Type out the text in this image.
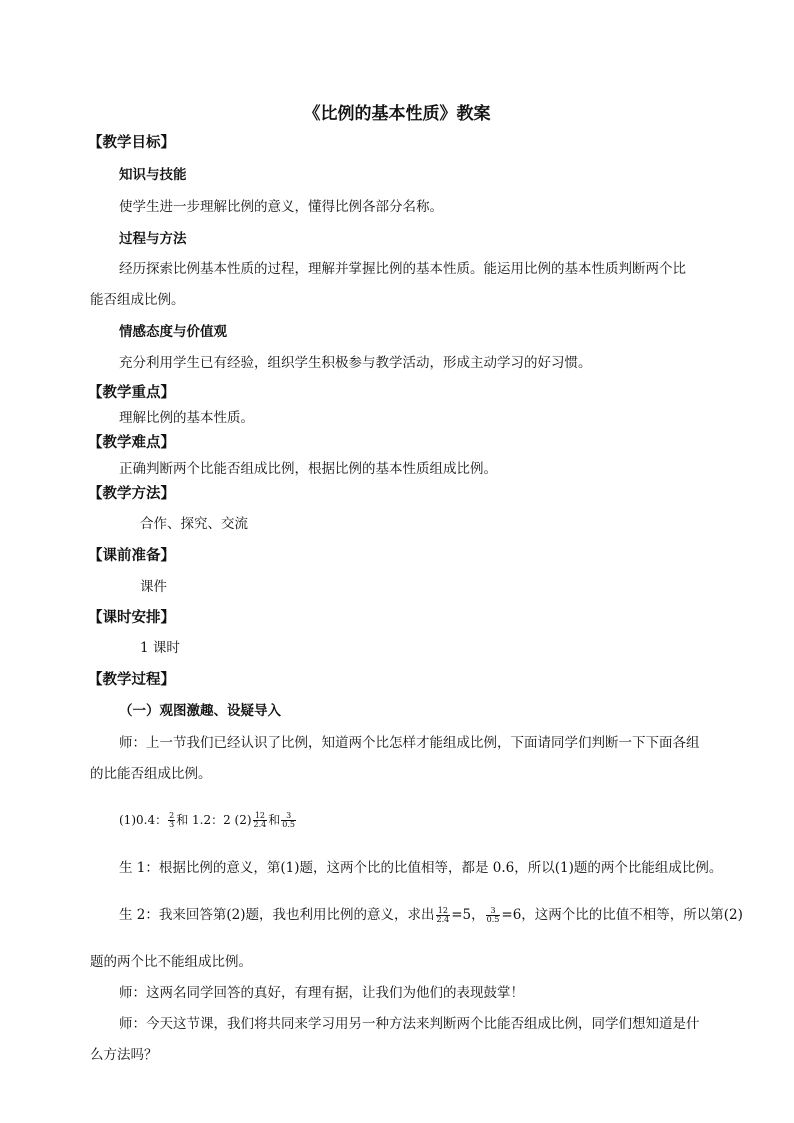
《比例的基本性质》教案
【教学目标】
知识与技能
使学生进一步理解比例的意义，懂得比例各部分名称。
过程与方法
经历探索比例基本性质的过程，理解并掌握比例的基本性质。能运用比例的基本性质判断两个比
能否组成比例。
情感态度与价值观
充分利用学生已有经验，组织学生积极参与教学活动，形成主动学习的好习惯。
【教学重点】
理解比例的基本性质。
【教学难点】
正确判断两个比能否组成比例，根据比例的基本性质组成比例。
【教学方法】
合作、探究、交流
【课前准备】
课件
【课时安排】
1 课时
【教学过程】
（一）观图激趣、设疑导入
师：上一节我们已经认识了比例，知道两个比怎样才能组成比例，下面请同学们判断一下下面各组
的比能否组成比例。
(1)0.4： $\frac{2}{3}$ 和 1.2：2 $(2) \frac{12}{2.4}$ 和 $\frac{3}{0.5}$
生 1：根据比例的意义，第(1)题，这两个比的比值相等，都是 0.6，所以(1)题的两个比能组成比例。
生 2：我来回答第(2)题，我也利用比例的意义，求出 $\frac{12}{2.4} =5$， $\frac{3}{0.5} =6$，这两个比的比值不相等，所以第(2)
题的两个比不能组成比例。
师：这两名同学回答的真好，有理有据，让我们为他们的表现鼓掌！
师：今天这节课，我们将共同来学习用另一种方法来判断两个比能否组成比例，同学们想知道是什
么方法吗？
